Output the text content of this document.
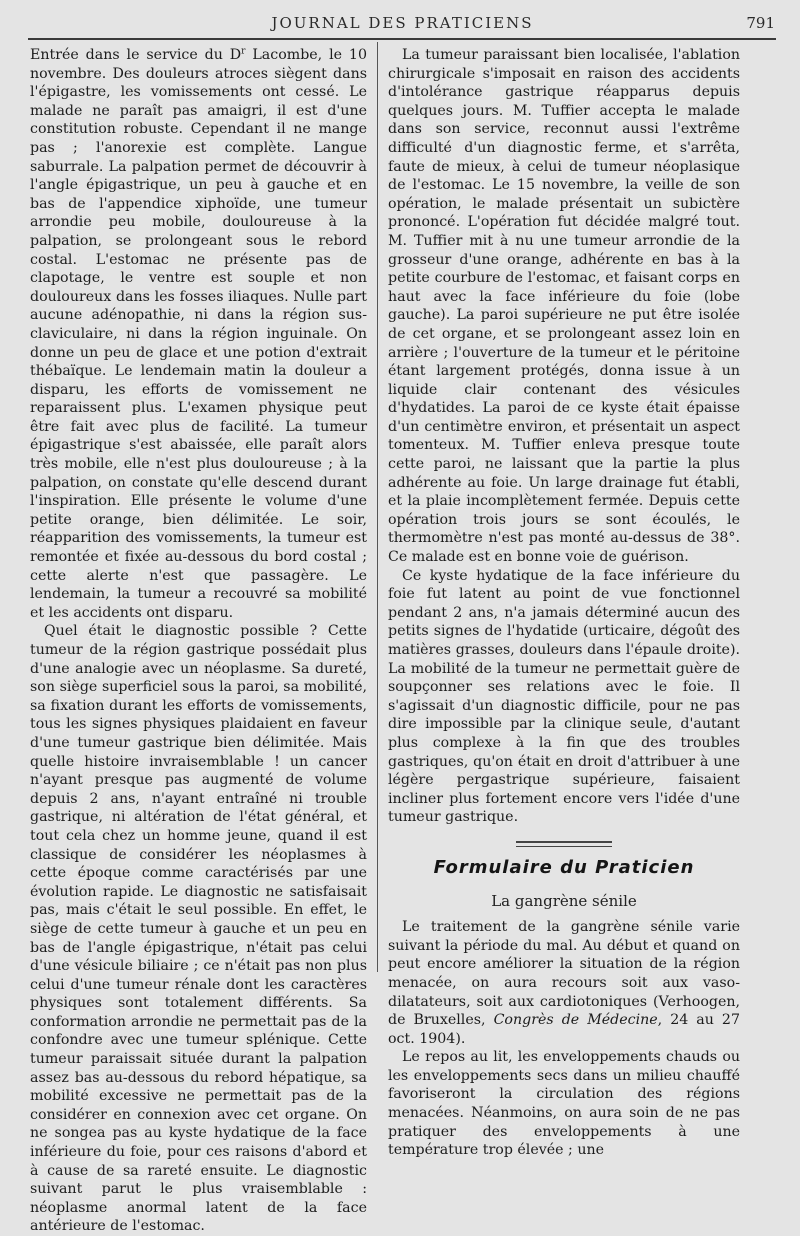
JOURNAL DES PRATICIENS	791

Entrée dans le service du $D^r$ Lacombe, le 10 novembre. Des douleurs atroces siègent dans l'épigastre, les vomissements ont cessé. Le malade ne paraît pas amaigri, il est d'une constitution robuste. Cependant il ne mange pas ; l'anorexie est complète. Langue saburrale. La palpation permet de découvrir à l'angle épigastrique, un peu à gauche et en bas de l'appendice xiphoïde, une tumeur arrondie peu mobile, douloureuse à la palpation, se prolongeant sous le rebord costal. L'estomac ne présente pas de clapotage, le ventre est souple et non douloureux dans les fosses iliaques. Nulle part aucune adénopathie, ni dans la région sus-claviculaire, ni dans la région inguinale. On donne un peu de glace et une potion d'extrait thébaïque. Le lendemain matin la douleur a disparu, les efforts de vomissement ne reparaissent plus. L'examen physique peut être fait avec plus de facilité. La tumeur épigastrique s'est abaissée, elle paraît alors très mobile, elle n'est plus douloureuse ; à la palpation, on constate qu'elle descend durant l'inspiration. Elle présente le volume d'une petite orange, bien délimitée. Le soir, réapparition des vomissements, la tumeur est remontée et fixée au-dessous du bord costal ; cette alerte n'est que passagère. Le lendemain, la tumeur a recouvré sa mobilité et les accidents ont disparu.

Quel était le diagnostic possible ? Cette tumeur de la région gastrique possédait plus d'une analogie avec un néoplasme. Sa dureté, son siège superficiel sous la paroi, sa mobilité, sa fixation durant les efforts de vomissements, tous les signes physiques plaidaient en faveur d'une tumeur gastrique bien délimitée. Mais quelle histoire invraisemblable ! un cancer n'ayant presque pas augmenté de volume depuis 2 ans, n'ayant entraîné ni trouble gastrique, ni altération de l'état général, et tout cela chez un homme jeune, quand il est classique de considérer les néoplasmes à cette époque comme caractérisés par une évolution rapide. Le diagnostic ne satisfaisait pas, mais c'était le seul possible. En effet, le siège de cette tumeur à gauche et un peu en bas de l'angle épigastrique, n'était pas celui d'une vésicule biliaire ; ce n'était pas non plus celui d'une tumeur rénale dont les caractères physiques sont totalement différents. Sa conformation arrondie ne permettait pas de la confondre avec une tumeur splénique. Cette tumeur paraissait située durant la palpation assez bas au-dessous du rebord hépatique, sa mobilité excessive ne permettait pas de la considérer en connexion avec cet organe. On ne songea pas au kyste hydatique de la face inférieure du foie, pour ces raisons d'abord et à cause de sa rareté ensuite. Le diagnostic suivant parut le plus vraisemblable : néoplasme anormal latent de la face antérieure de l'estomac.

La tumeur paraissant bien localisée, l'ablation chirurgicale s'imposait en raison des accidents d'intolérance gastrique réapparus depuis quelques jours. M. Tuffier accepta le malade dans son service, reconnut aussi l'extrême difficulté d'un diagnostic ferme, et s'arrêta, faute de mieux, à celui de tumeur néoplasique de l'estomac. Le 15 novembre, la veille de son opération, le malade présentait un subictère prononcé. L'opération fut décidée malgré tout. M. Tuffier mit à nu une tumeur arrondie de la grosseur d'une orange, adhérente en bas à la petite courbure de l'estomac, et faisant corps en haut avec la face inférieure du foie (lobe gauche). La paroi supérieure ne put être isolée de cet organe, et se prolongeant assez loin en arrière ; l'ouverture de la tumeur et le péritoine étant largement protégés, donna issue à un liquide clair contenant des vésicules d'hydatides. La paroi de ce kyste était épaisse d'un centimètre environ, et présentait un aspect tomenteux. M. Tuffier enleva presque toute cette paroi, ne laissant que la partie la plus adhérente au foie. Un large drainage fut établi, et la plaie incomplètement fermée. Depuis cette opération trois jours se sont écoulés, le thermomètre n'est pas monté au-dessus de 38°. Ce malade est en bonne voie de guérison.

Ce kyste hydatique de la face inférieure du foie fut latent au point de vue fonctionnel pendant 2 ans, n'a jamais déterminé aucun des petits signes de l'hydatide (urticaire, dégoût des matières grasses, douleurs dans l'épaule droite). La mobilité de la tumeur ne permettait guère de soupçonner ses relations avec le foie. Il s'agissait d'un diagnostic difficile, pour ne pas dire impossible par la clinique seule, d'autant plus complexe à la fin que des troubles gastriques, qu'on était en droit d'attribuer à une légère pergastrique supérieure, faisaient incliner plus fortement encore vers l'idée d'une tumeur gastrique.

Formulaire du Praticien
La gangrène sénile

Le traitement de la gangrène sénile varie suivant la période du mal. Au début et quand on peut encore améliorer la situation de la région menacée, on aura recours soit aux vaso-dilatateurs, soit aux cardiotoniques (Verhoogen, de Bruxelles, Congrès de Médecine, 24 au 27 oct. 1904).

Le repos au lit, les enveloppements chauds ou les enveloppements secs dans un milieu chauffé favoriseront la circulation des régions menacées. Néanmoins, on aura soin de ne pas pratiquer des enveloppements à une température trop élevée ; une
